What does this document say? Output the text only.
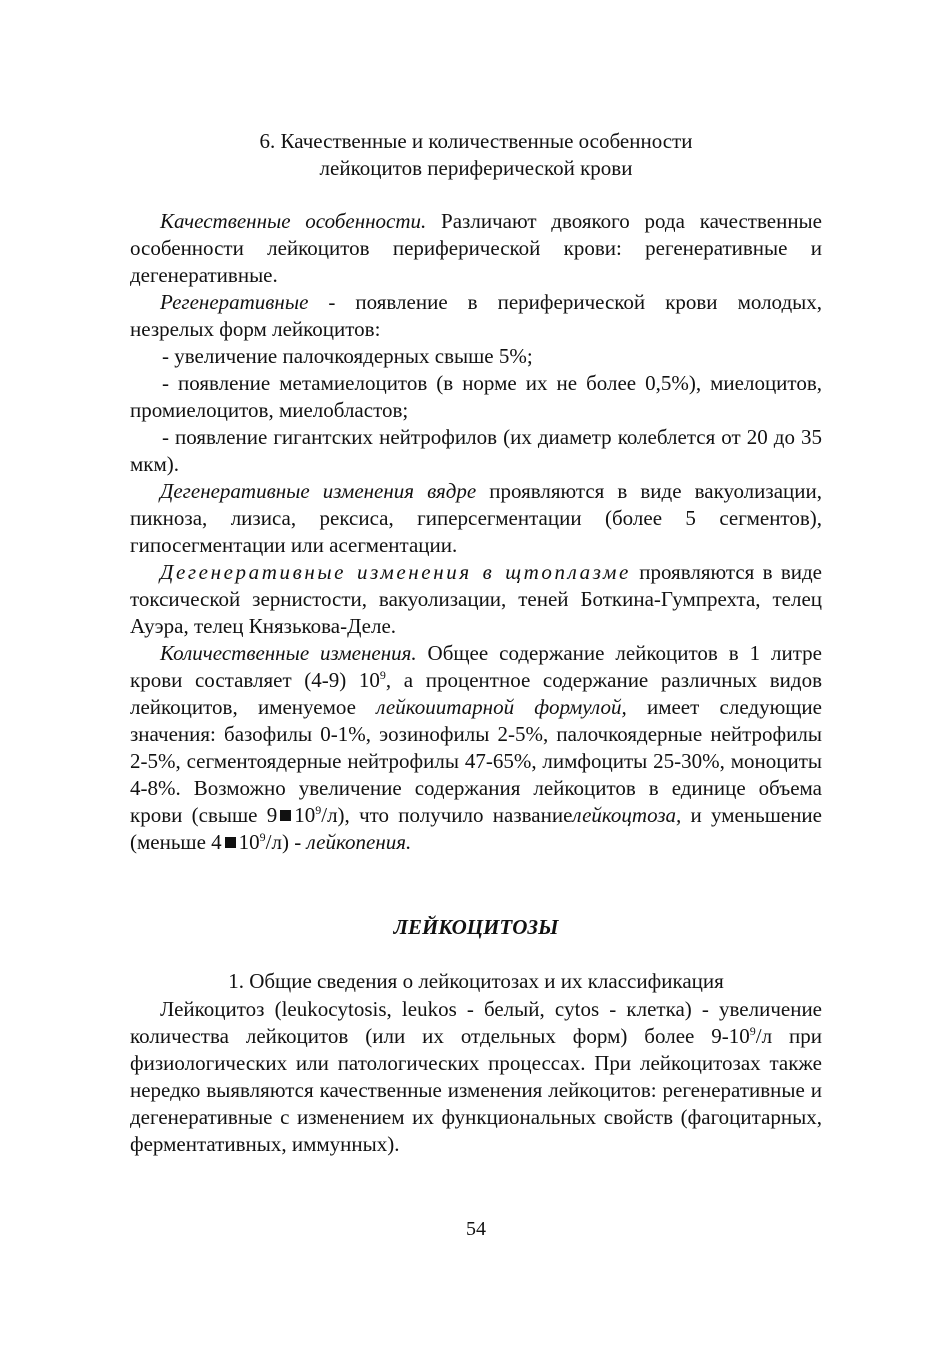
6. Качественные и количественные особенности
лейкоцитов периферической крови

Качественные особенности. Различают двоякого рода качественные особенности лейкоцитов периферической крови: регенеративные и дегенеративные.

Регенеративные - появление в периферической крови молодых, незрелых форм лейкоцитов:

- увеличение палочкоядерных свыше 5%;

- появление метамиелоцитов (в норме их не более 0,5%), миелоцитов, промиелоцитов, миелобластов;

- появление гигантских нейтрофилов (их диаметр колеблется от 20 до 35 мкм).

Дегенеративные изменения вядре проявляются в виде вакуолизации, пикноза, лизиса, рексиса, гиперсегментации (более 5 сегментов), гипосегментации или асегментации.

Дегенеративные изменения в щтоплазме проявляются в виде токсической зернистости, вакуолизации, теней Боткина-Гумпрехта, телец Ауэра, телец Князькова-Деле.

Количественные изменения. Общее содержание лейкоцитов в 1 литре крови составляет (4-9) $10^9$, а процентное содержание различных видов лейкоцитов, именуемое лейкоиитарной формулой, имеет следующие значения: базофилы 0-1%, эозинофилы 2-5%, палочкоядерные нейтрофилы 2-5%, сегментоядерные нейтрофилы 47-65%, лимфоциты 25-30%, моноциты 4-8%. Возможно увеличение содержания лейкоцитов в единице объема крови (свыше 9 $10^9/л$), что получило названиелейкоцтоза, и уменьшение (меньше 4 $10^9/л$) - лейкопения.

ЛЕЙКОЦИТОЗЫ
1. Общие сведения о лейкоцитозах и их классификация

Лейкоцитоз (leukocytosis, leukos - белый, cytos - клетка) - увеличение количества лейкоцитов (или их отдельных форм) более $9-10^9/л$ при физиологических или патологических процессах. При лейкоцитозах также нередко выявляются качественные изменения лейкоцитов: регенеративные и дегенеративные с изменением их функциональных свойств (фагоцитарных, ферментативных, иммунных).

54
